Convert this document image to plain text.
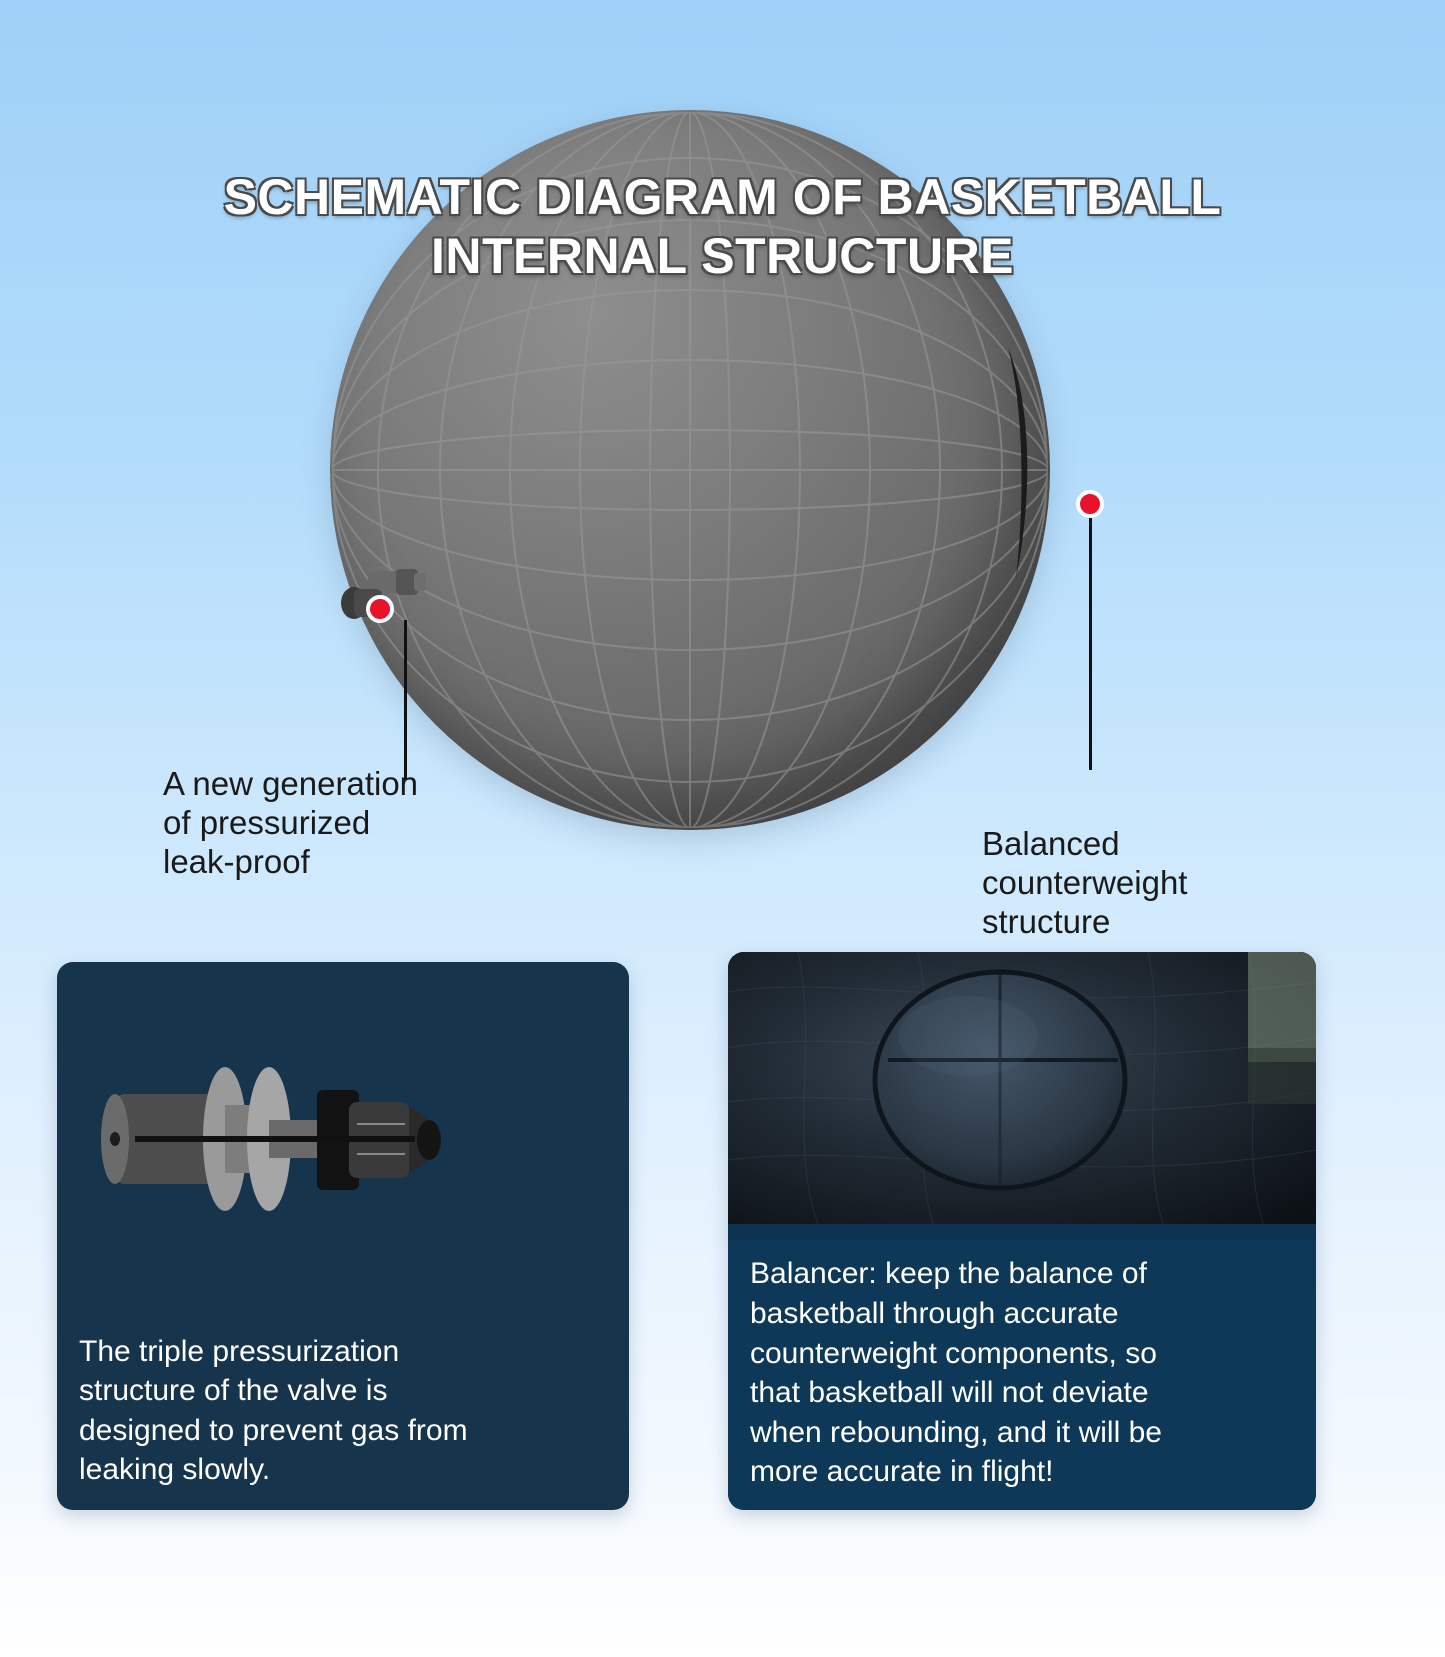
SCHEMATIC DIAGRAM OF BASKETBALL
INTERNAL STRUCTURE
A new generation
of pressurized
leak-proof	Balanced
counterweight
structure
The triple pressurization
structure of the valve is
designed to prevent gas from
leaking slowly.
Balancer: keep the balance of
basketball through accurate
counterweight components, so
that basketball will not deviate
when rebounding, and it will be
more accurate in flight!
